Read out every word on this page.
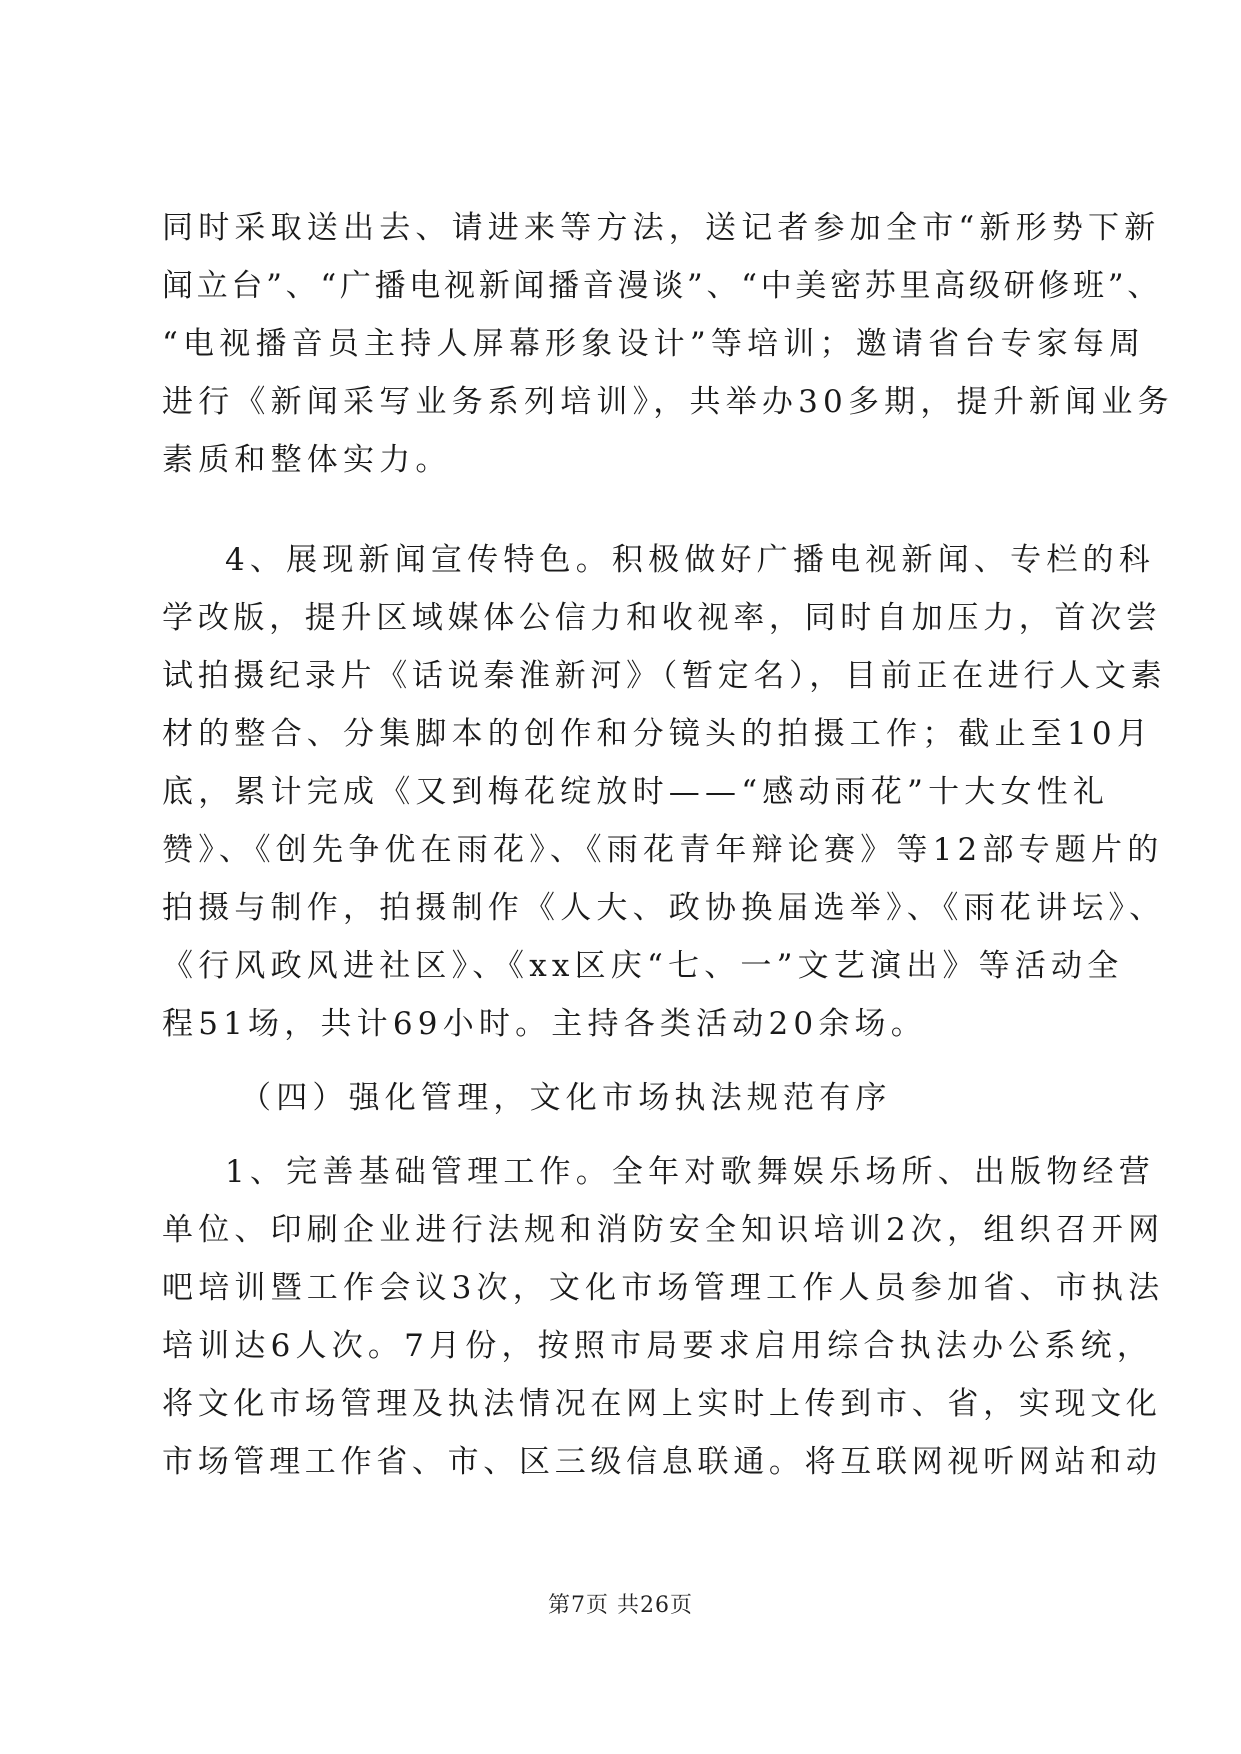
同时采取送出去、请进来等方法，送记者参加全市“新形势下新
闻立台”、“广播电视新闻播音漫谈”、“中美密苏里高级研修班”、
“电视播音员主持人屏幕形象设计”等培训；邀请省台专家每周
进行《新闻采写业务系列培训》，共举办30多期，提升新闻业务
素质和整体实力。
4、展现新闻宣传特色。积极做好广播电视新闻、专栏的科
学改版，提升区域媒体公信力和收视率，同时自加压力，首次尝
试拍摄纪录片《话说秦淮新河》（暂定名），目前正在进行人文素
材的整合、分集脚本的创作和分镜头的拍摄工作；截止至10月
底，累计完成《又到梅花绽放时——“感动雨花”十大女性礼
赞》、《创先争优在雨花》、《雨花青年辩论赛》等12部专题片的
拍摄与制作，拍摄制作《人大、政协换届选举》、《雨花讲坛》、
《行风政风进社区》、《xx区庆“七、一”文艺演出》等活动全
程51场，共计69小时。主持各类活动20余场。
（四）强化管理，文化市场执法规范有序
1、完善基础管理工作。全年对歌舞娱乐场所、出版物经营
单位、印刷企业进行法规和消防安全知识培训2次，组织召开网
吧培训暨工作会议3次，文化市场管理工作人员参加省、市执法
培训达6人次。7月份，按照市局要求启用综合执法办公系统，
将文化市场管理及执法情况在网上实时上传到市、省，实现文化
市场管理工作省、市、区三级信息联通。将互联网视听网站和动
第7页 共26页
